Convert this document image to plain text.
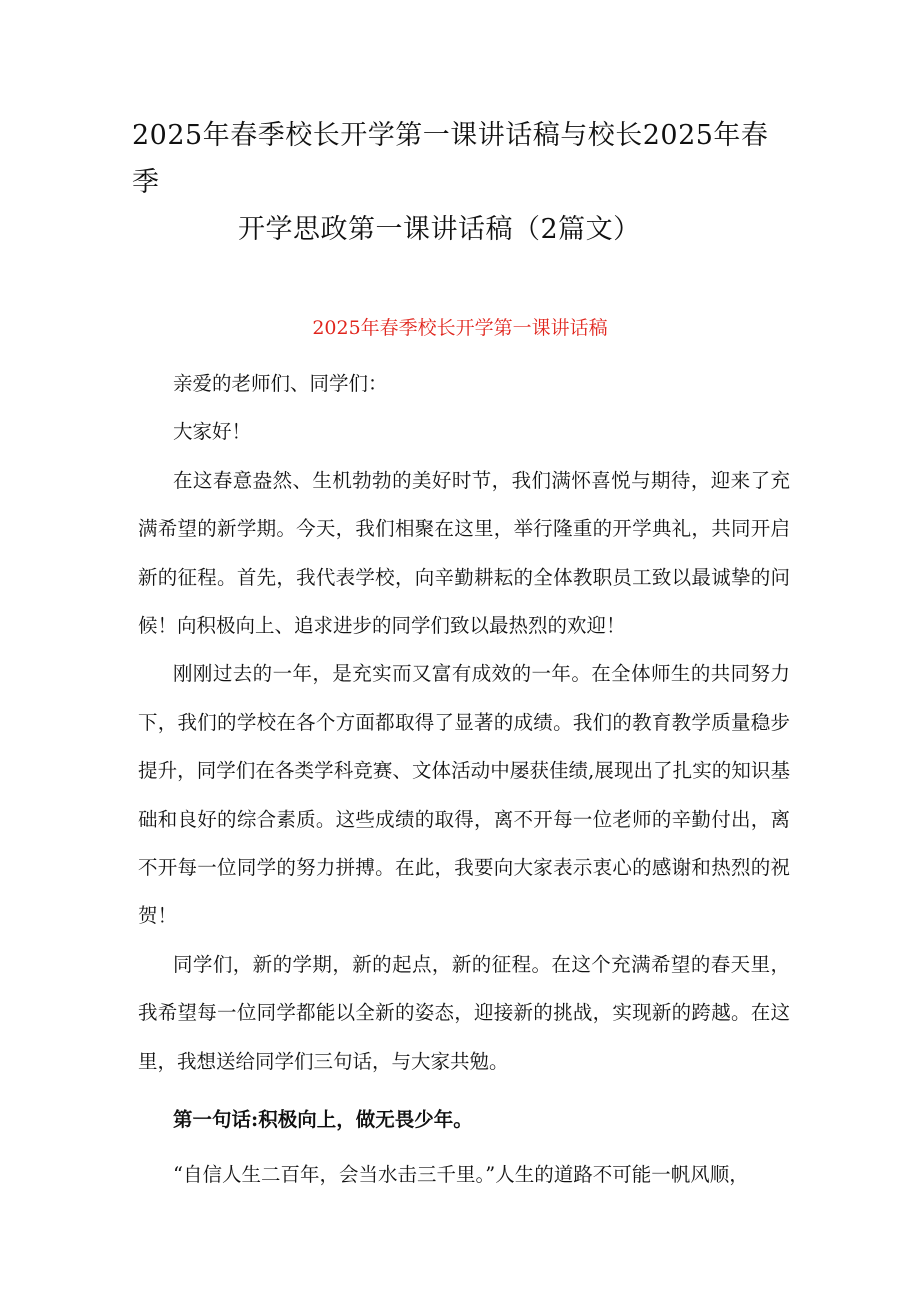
2025年春季校长开学第一课讲话稿与校长2025年春季
开学思政第一课讲话稿（2篇文）
2025年春季校长开学第一课讲话稿

亲爱的老师们、同学们：

大家好！

在这春意盎然、生机勃勃的美好时节，我们满怀喜悦与期待，迎来了充满希望的新学期。今天，我们相聚在这里，举行隆重的开学典礼，共同开启新的征程。首先，我代表学校，向辛勤耕耘的全体教职员工致以最诚挚的问候！向积极向上、追求进步的同学们致以最热烈的欢迎！

刚刚过去的一年，是充实而又富有成效的一年。在全体师生的共同努力下，我们的学校在各个方面都取得了显著的成绩。我们的教育教学质量稳步提升，同学们在各类学科竞赛、文体活动中屡获佳绩,展现出了扎实的知识基础和良好的综合素质。这些成绩的取得，离不开每一位老师的辛勤付出，离不开每一位同学的努力拼搏。在此，我要向大家表示衷心的感谢和热烈的祝贺！

同学们，新的学期，新的起点，新的征程。在这个充满希望的春天里，我希望每一位同学都能以全新的姿态，迎接新的挑战，实现新的跨越。在这里，我想送给同学们三句话，与大家共勉。

第一句话:积极向上，做无畏少年。

“自信人生二百年，会当水击三千里。”人生的道路不可能一帆风顺，
